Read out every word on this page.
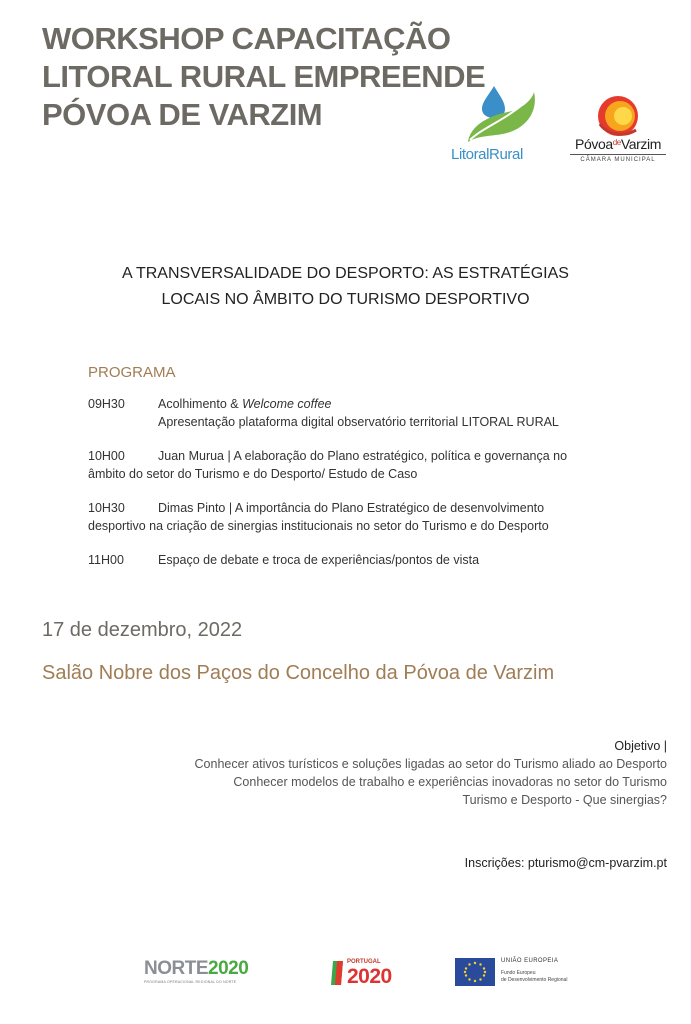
WORKSHOP CAPACITAÇÃO
LITORAL RURAL EMPREENDE
PÓVOA DE VARZIM
LitoralRural
Póvoa$^{de}$Varzim
CÂMARA MUNICIPAL
A TRANSVERSALIDADE DO DESPORTO: AS ESTRATÉGIAS
LOCAIS NO ÂMBITO DO TURISMO DESPORTIVO
PROGRAMA
09H30	Acolhimento & Welcome coffee
Apresentação plataforma digital observatório territorial LITORAL RURAL
10H00	Juan Murua | A elaboração do Plano estratégico, política e governança no âmbito do setor do Turismo e do Desporto/ Estudo de Caso
10H30	Dimas Pinto | A importância do Plano Estratégico de desenvolvimento desportivo na criação de sinergias institucionais no setor do Turismo e do Desporto
11H00	Espaço de debate e troca de experiências/pontos de vista
17 de dezembro, 2022
Salão Nobre dos Paços do Concelho da Póvoa de Varzim
Objetivo |
Conhecer ativos turísticos e soluções ligadas ao setor do Turismo aliado ao Desporto
Conhecer modelos de trabalho e experiências inovadoras no setor do Turismo
Turismo e Desporto - Que sinergias?
Inscrições: pturismo@cm-pvarzim.pt
NORTE2020
PROGRAMA OPERACIONAL REGIONAL DO NORTE
PORTUGAL
2020
UNIÃO EUROPEIA
Fundo Europeu
de Desenvolvimento Regional
